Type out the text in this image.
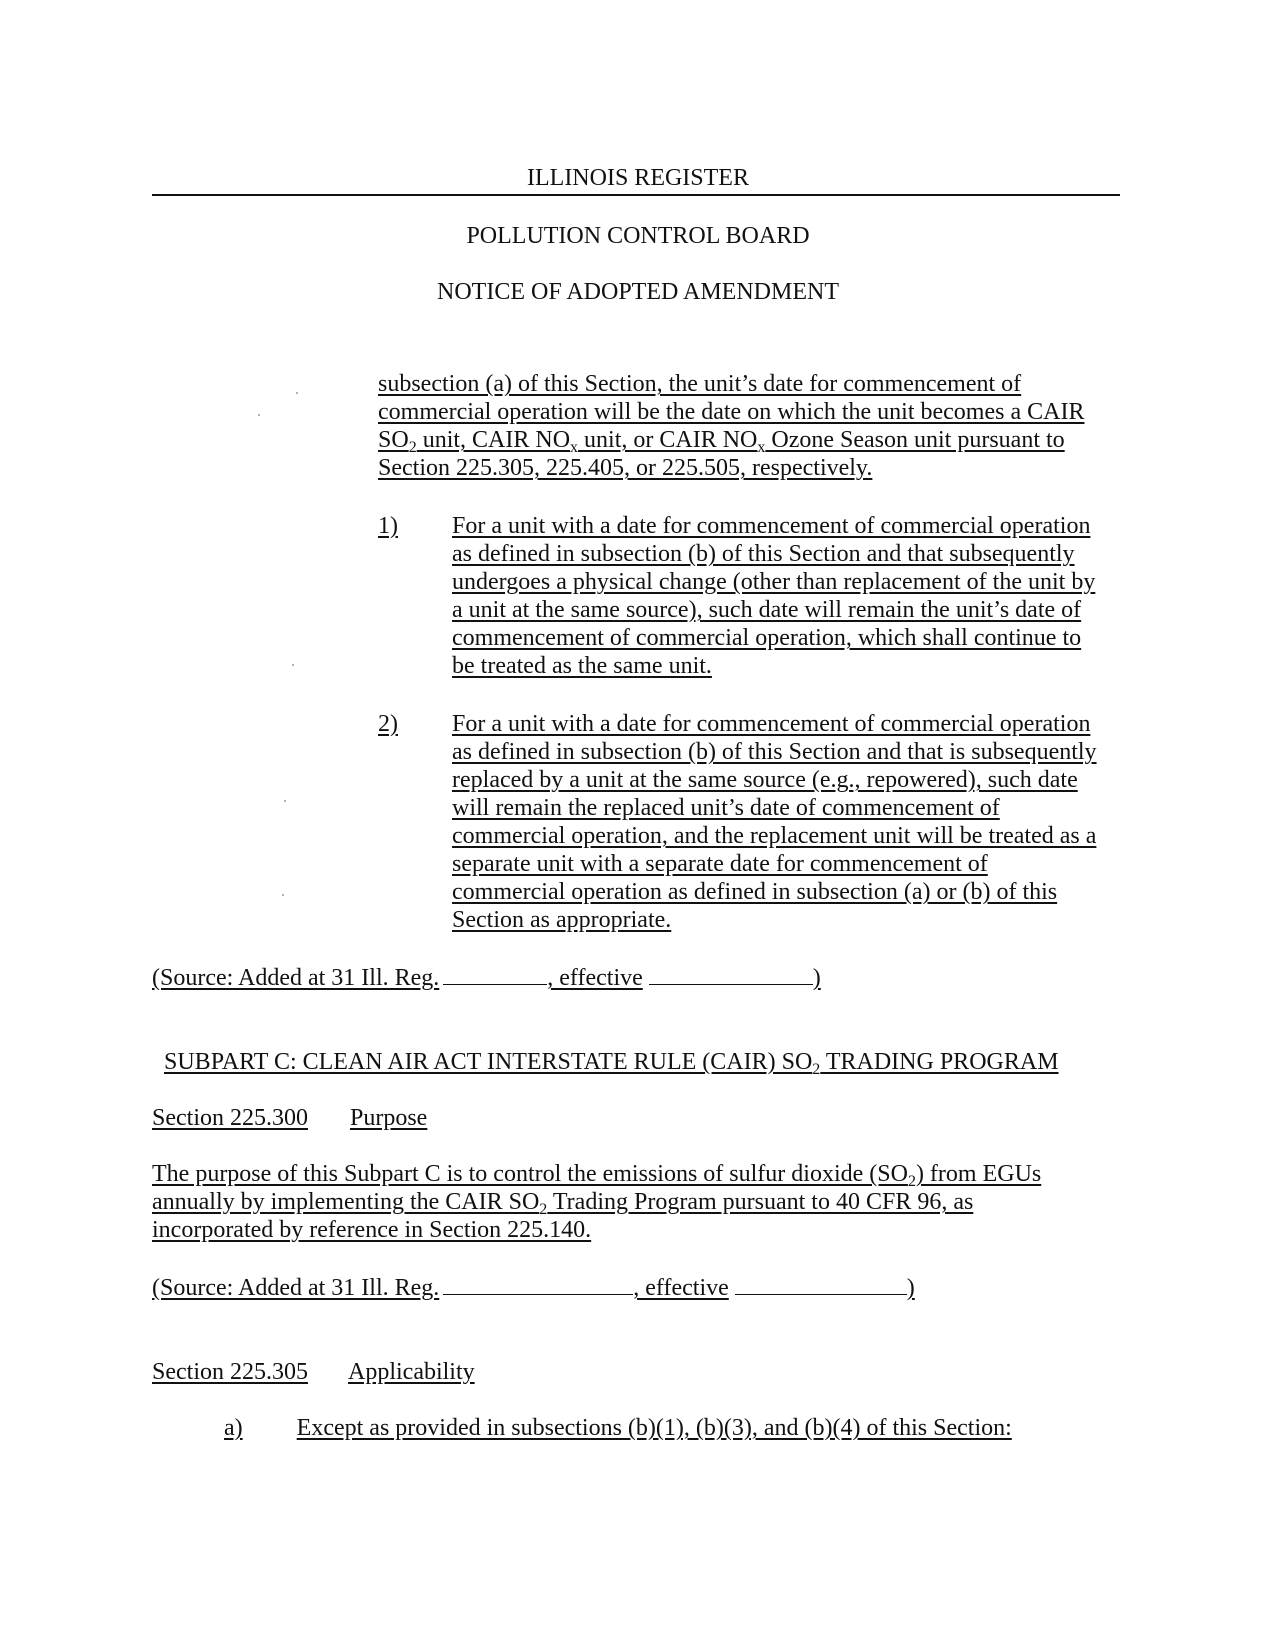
ILLINOIS REGISTER
POLLUTION CONTROL BOARD
NOTICE OF ADOPTED AMENDMENT
subsection (a) of this Section, the unit’s date for commencement of
commercial operation will be the date on which the unit becomes a CAIR
$SO_2$ unit, CAIR $NO_x$ unit, or CAIR $NO_x$ Ozone Season unit pursuant to
Section 225.305, 225.405, or 225.505, respectively.
1)	For a unit with a date for commencement of commercial operation
as defined in subsection (b) of this Section and that subsequently
undergoes a physical change (other than replacement of the unit by
a unit at the same source), such date will remain the unit’s date of
commencement of commercial operation, which shall continue to
be treated as the same unit.
2)	For a unit with a date for commencement of commercial operation
as defined in subsection (b) of this Section and that is subsequently
replaced by a unit at the same source (e.g., repowered), such date
will remain the replaced unit’s date of commencement of
commercial operation, and the replacement unit will be treated as a
separate unit with a separate date for commencement of
commercial operation as defined in subsection (a) or (b) of this
Section as appropriate.
(Source: Added at 31 Ill. Reg.	, effective	)
SUBPART C: CLEAN AIR ACT INTERSTATE RULE (CAIR) $SO_2$ TRADING PROGRAM
Section 225.300 Purpose
The purpose of this Subpart C is to control the emissions of sulfur dioxide $(SO_2)$ from EGUs
annually by implementing the CAIR $SO_2$ Trading Program pursuant to 40 CFR 96, as
incorporated by reference in Section 225.140.
(Source: Added at 31 Ill. Reg.	, effective	)
Section 225.305 Applicability
a) Except as provided in subsections (b)(1), (b)(3), and (b)(4) of this Section:
